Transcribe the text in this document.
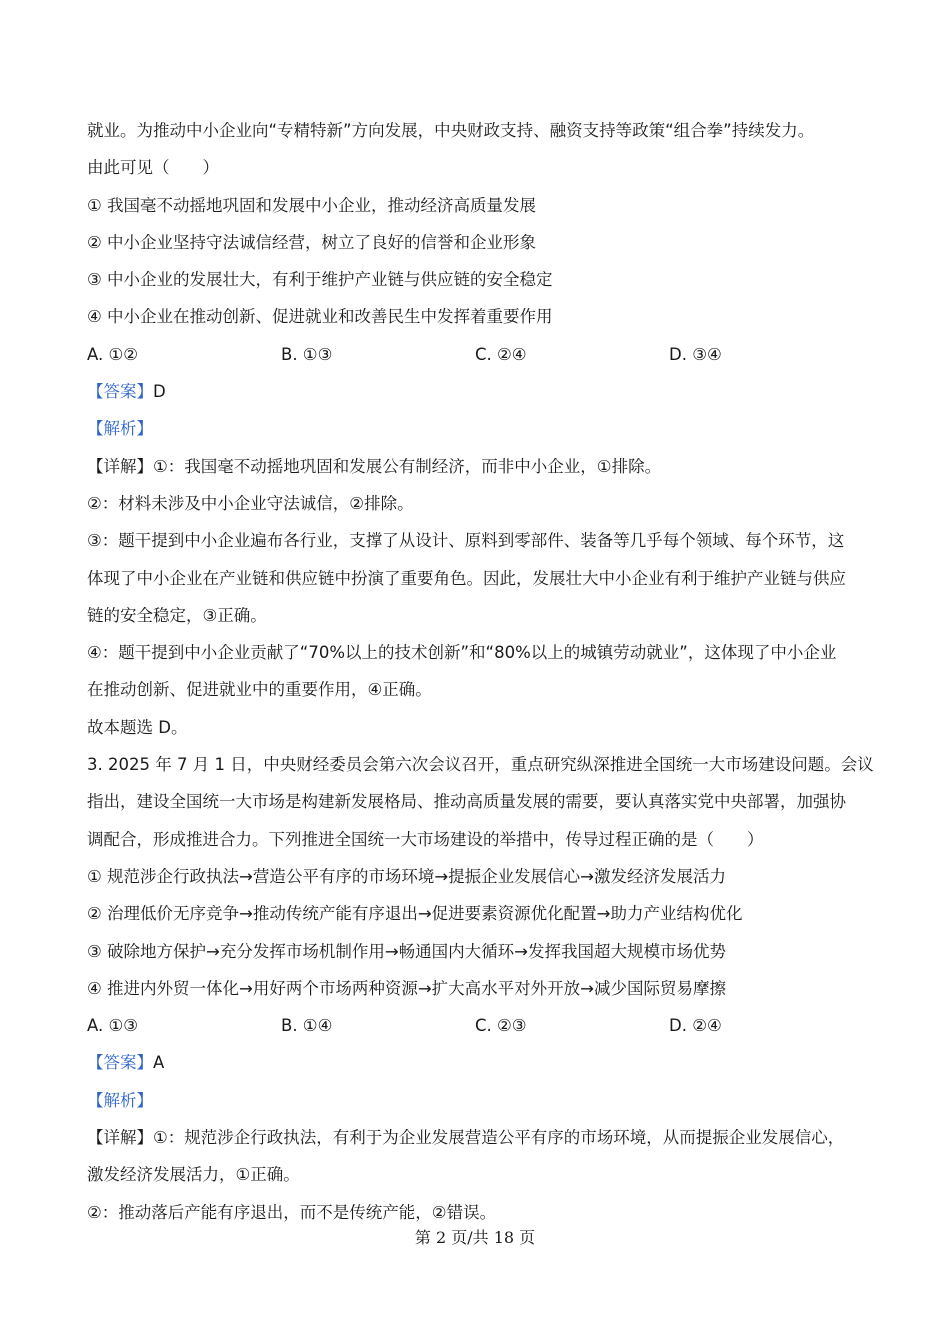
就业。为推动中小企业向“专精特新”方向发展，中央财政支持、融资支持等政策“组合拳”持续发力。
由此可见（　　）
① 我国毫不动摇地巩固和发展中小企业，推动经济高质量发展
② 中小企业坚持守法诚信经营，树立了良好的信誉和企业形象
③ 中小企业的发展壮大，有利于维护产业链与供应链的安全稳定
④ 中小企业在推动创新、促进就业和改善民生中发挥着重要作用
A. ①②	B. ①③	C. ②④	D. ③④
【答案】D
【解析】
【详解】①：我国毫不动摇地巩固和发展公有制经济，而非中小企业，①排除。
②：材料未涉及中小企业守法诚信，②排除。
③：题干提到中小企业遍布各行业，支撑了从设计、原料到零部件、装备等几乎每个领域、每个环节，这
体现了中小企业在产业链和供应链中扮演了重要角色。因此，发展壮大中小企业有利于维护产业链与供应
链的安全稳定，③正确。
④：题干提到中小企业贡献了“70%以上的技术创新”和“80%以上的城镇劳动就业”，这体现了中小企业
在推动创新、促进就业中的重要作用，④正确。
故本题选 D。
3. 2025 年 7 月 1 日，中央财经委员会第六次会议召开，重点研究纵深推进全国统一大市场建设问题。会议
指出，建设全国统一大市场是构建新发展格局、推动高质量发展的需要，要认真落实党中央部署，加强协
调配合，形成推进合力。下列推进全国统一大市场建设的举措中，传导过程正确的是（　　）
① 规范涉企行政执法→营造公平有序的市场环境→提振企业发展信心→激发经济发展活力
② 治理低价无序竞争→推动传统产能有序退出→促进要素资源优化配置→助力产业结构优化
③ 破除地方保护→充分发挥市场机制作用→畅通国内大循环→发挥我国超大规模市场优势
④ 推进内外贸一体化→用好两个市场两种资源→扩大高水平对外开放→减少国际贸易摩擦
A. ①③	B. ①④	C. ②③	D. ②④
【答案】A
【解析】
【详解】①：规范涉企行政执法，有利于为企业发展营造公平有序的市场环境，从而提振企业发展信心，
激发经济发展活力，①正确。
②：推动落后产能有序退出，而不是传统产能，②错误。
第 2 页/共 18 页
